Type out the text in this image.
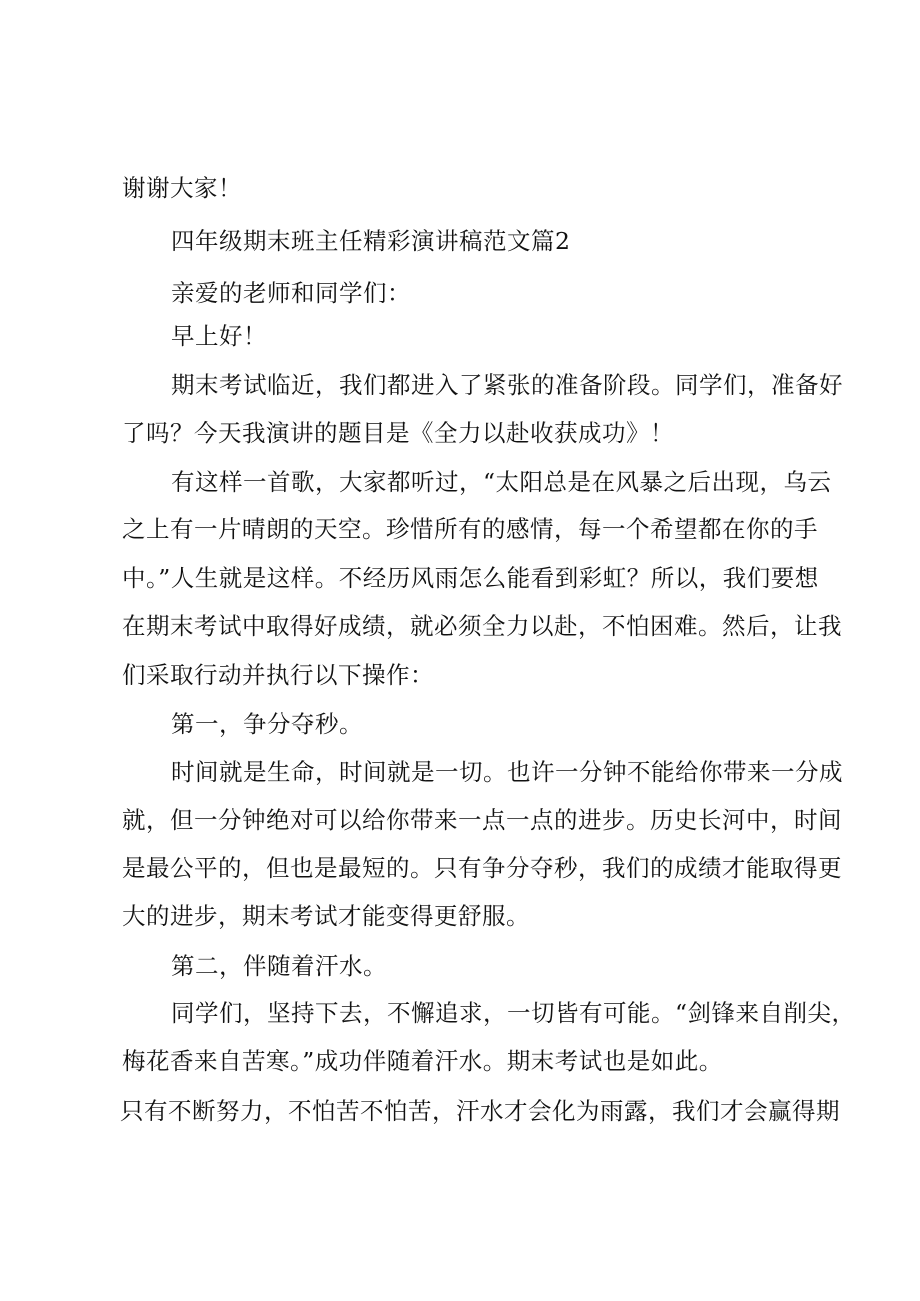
谢谢大家！
四年级期末班主任精彩演讲稿范文篇2
亲爱的老师和同学们：
早上好！
期末考试临近，我们都进入了紧张的准备阶段。同学们，准备好
了吗？今天我演讲的题目是《全力以赴收获成功》！
有这样一首歌，大家都听过，“太阳总是在风暴之后出现，乌云
之上有一片晴朗的天空。珍惜所有的感情，每一个希望都在你的手
中。”人生就是这样。不经历风雨怎么能看到彩虹？所以，我们要想
在期末考试中取得好成绩，就必须全力以赴，不怕困难。然后，让我
们采取行动并执行以下操作：
第一，争分夺秒。
时间就是生命，时间就是一切。也许一分钟不能给你带来一分成
就，但一分钟绝对可以给你带来一点一点的进步。历史长河中，时间
是最公平的，但也是最短的。只有争分夺秒，我们的成绩才能取得更
大的进步，期末考试才能变得更舒服。
第二，伴随着汗水。
同学们，坚持下去，不懈追求，一切皆有可能。“剑锋来自削尖，
梅花香来自苦寒。”成功伴随着汗水。期末考试也是如此。
只有不断努力，不怕苦不怕苦，汗水才会化为雨露，我们才会赢得期
